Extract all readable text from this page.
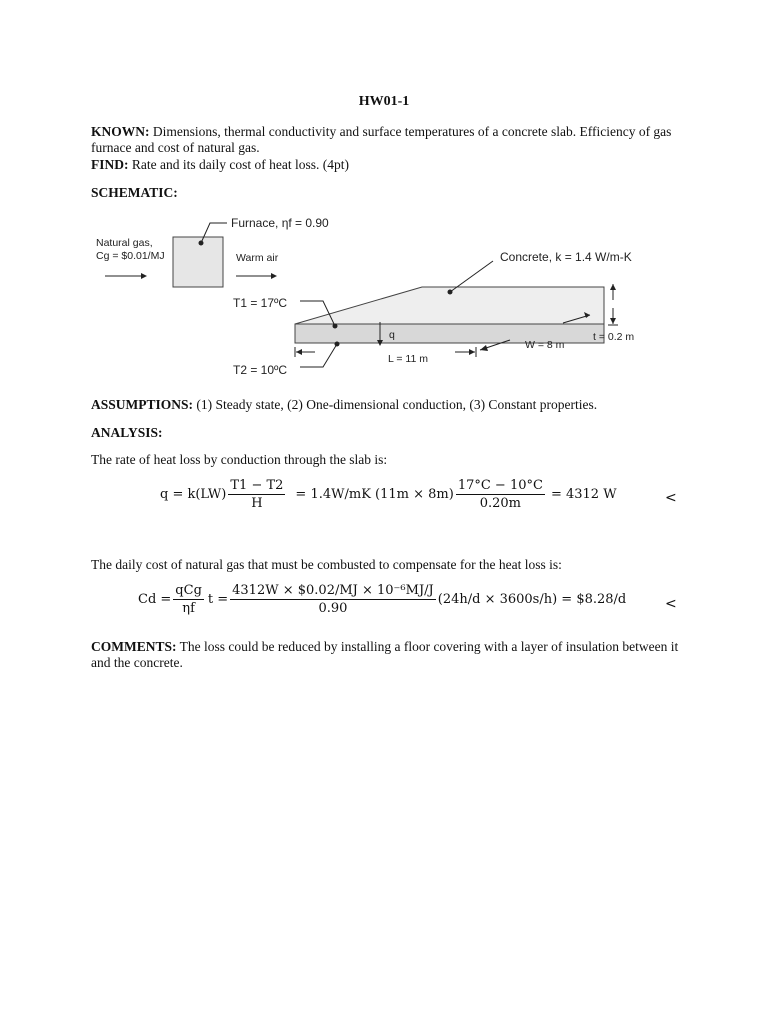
HW01-1
KNOWN: Dimensions, thermal conductivity and surface temperatures of a concrete slab. Efficiency of gas furnace and cost of natural gas.
FIND: Rate and its daily cost of heat loss. (4pt)
SCHEMATIC:
Furnace, ηf = 0.90
Natural gas,
Cg = $0.01/MJ	Warm air	Concrete, k = 1.4 W/m-K
T1 = 17ºC
T2 = 10ºC
q
L = 11 m
W = 8 m
t = 0.2 m
ASSUMPTIONS: (1) Steady state, (2) One-dimensional conduction, (3) Constant properties.
ANALYSIS:
The rate of heat loss by conduction through the slab is:
$q = k(LW) \frac{T1 - T2}{H} = 1.4W/mK$ $(11m \times 8m) \frac{17^\circ C - 10^\circ C}{0.20m} = 4312$ W	<
The daily cost of natural gas that must be combusted to compensate for the heat loss is:
$Cd = \frac{\text{qCg}}{\eta f}$ $t = \frac{\text{4312W × \$0.02/MJ × 10⁻⁶MJ/J}}{0.90} (24h/d \times 3600s/h)$ = $8.28/d	<
COMMENTS: The loss could be reduced by installing a floor covering with a layer of insulation between it and the concrete.
